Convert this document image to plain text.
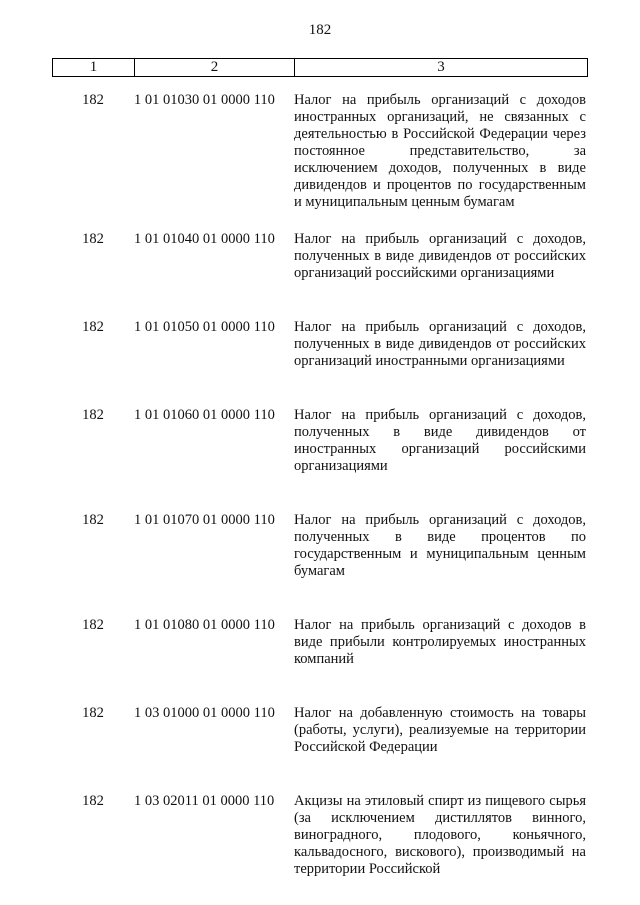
182
1	2	3
182	1 01 01030 01 0000 110	Налог на прибыль организаций с доходов иностранных организаций, не связанных с деятельностью в Российской Федерации через постоянное представительство, за исключением доходов, полученных в виде дивидендов и процентов по государственным и муниципальным ценным бумагам
182	1 01 01040 01 0000 110	Налог на прибыль организаций с доходов, полученных в виде дивидендов от российских организаций российскими организациями
182	1 01 01050 01 0000 110	Налог на прибыль организаций с доходов, полученных в виде дивидендов от российских организаций иностранными организациями
182	1 01 01060 01 0000 110	Налог на прибыль организаций с доходов, полученных в виде дивидендов от иностранных организаций российскими организациями
182	1 01 01070 01 0000 110	Налог на прибыль организаций с доходов, полученных в виде процентов по государственным и муниципальным ценным бумагам
182	1 01 01080 01 0000 110	Налог на прибыль организаций с доходов в виде прибыли контролируемых иностранных компаний
182	1 03 01000 01 0000 110	Налог на добавленную стоимость на товары (работы, услуги), реализуемые на территории Российской Федерации
182	1 03 02011 01 0000 110	Акцизы на этиловый спирт из пищевого сырья (за исключением дистиллятов винного, виноградного, плодового, коньячного, кальвадосного, вискового), производимый на территории Российской
